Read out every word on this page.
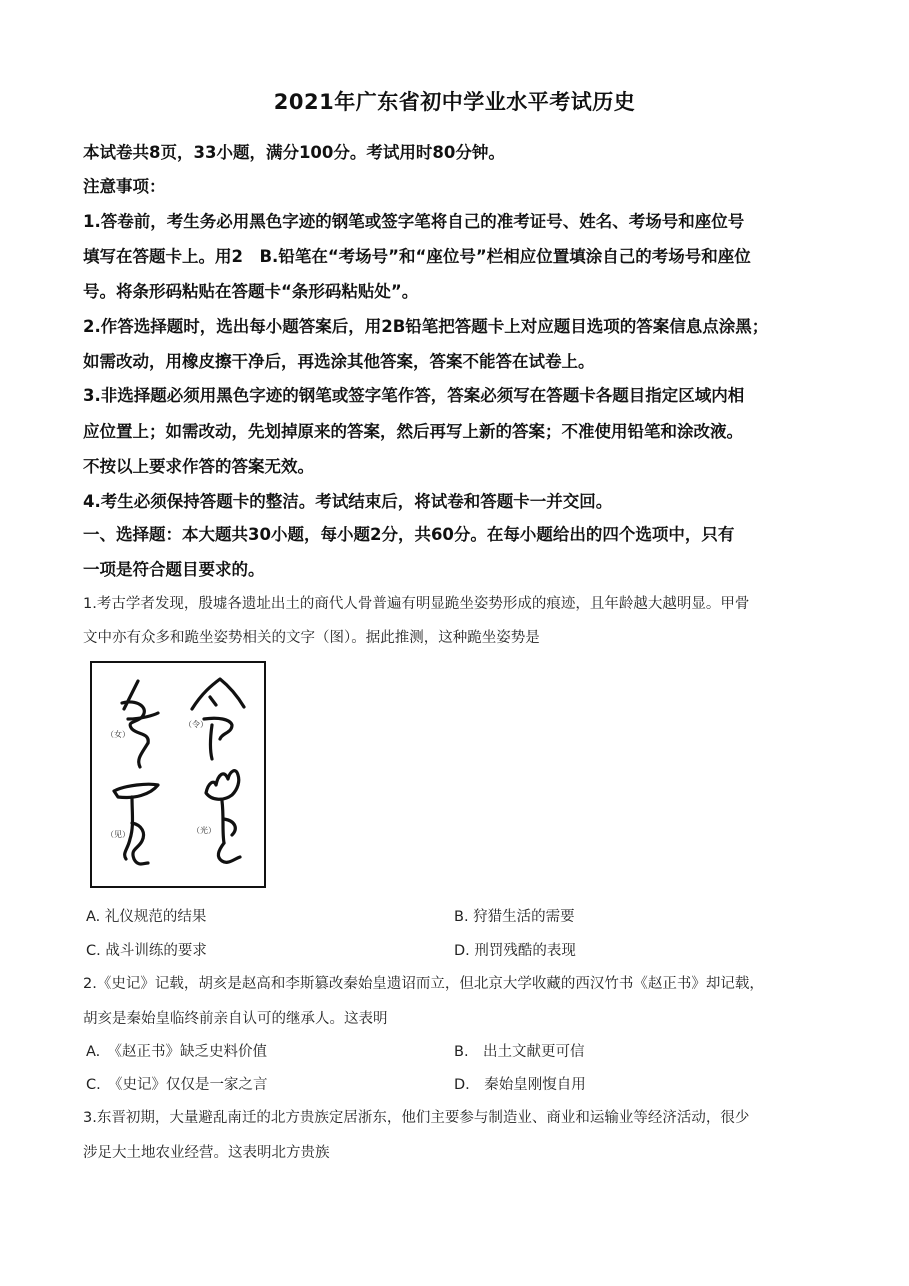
2021年广东省初中学业水平考试历史
本试卷共8页，33小题，满分100分。考试用时80分钟。
注意事项：
1.答卷前，考生务必用黑色字迹的钢笔或签字笔将自己的准考证号、姓名、考场号和座位号
填写在答题卡上。用2　B.铅笔在“考场号”和“座位号”栏相应位置填涂自己的考场号和座位
号。将条形码粘贴在答题卡“条形码粘贴处”。
2.作答选择题时，选出每小题答案后，用2B铅笔把答题卡上对应题目选项的答案信息点涂黑；
如需改动，用橡皮擦干净后，再选涂其他答案，答案不能答在试卷上。
3.非选择题必须用黑色字迹的钢笔或签字笔作答，答案必须写在答题卡各题目指定区域内相
应位置上；如需改动，先划掉原来的答案，然后再写上新的答案；不准使用铅笔和涂改液。
不按以上要求作答的答案无效。
4.考生必须保持答题卡的整洁。考试结束后，将试卷和答题卡一并交回。
一、选择题：本大题共30小题，每小题2分，共60分。在每小题给出的四个选项中，只有
一项是符合题目要求的。
1.考古学者发现，殷墟各遗址出土的商代人骨普遍有明显跪坐姿势形成的痕迹，且年龄越大越明显。甲骨
文中亦有众多和跪坐姿势相关的文字（图）。据此推测，这种跪坐姿势是
（女）
（令）
（见）	（光）
A. 礼仪规范的结果	B. 狩猎生活的需要
C. 战斗训练的要求	D. 刑罚残酷的表现
2.《史记》记载，胡亥是赵高和李斯篡改秦始皇遗诏而立，但北京大学收藏的西汉竹书《赵正书》却记载，
胡亥是秦始皇临终前亲自认可的继承人。这表明
A.　《赵正书》缺乏史料价值	B.　出土文献更可信
C.　《史记》仅仅是一家之言	D.　秦始皇刚愎自用
3.东晋初期，大量避乱南迁的北方贵族定居浙东，他们主要参与制造业、商业和运输业等经济活动，很少
涉足大土地农业经营。这表明北方贵族
